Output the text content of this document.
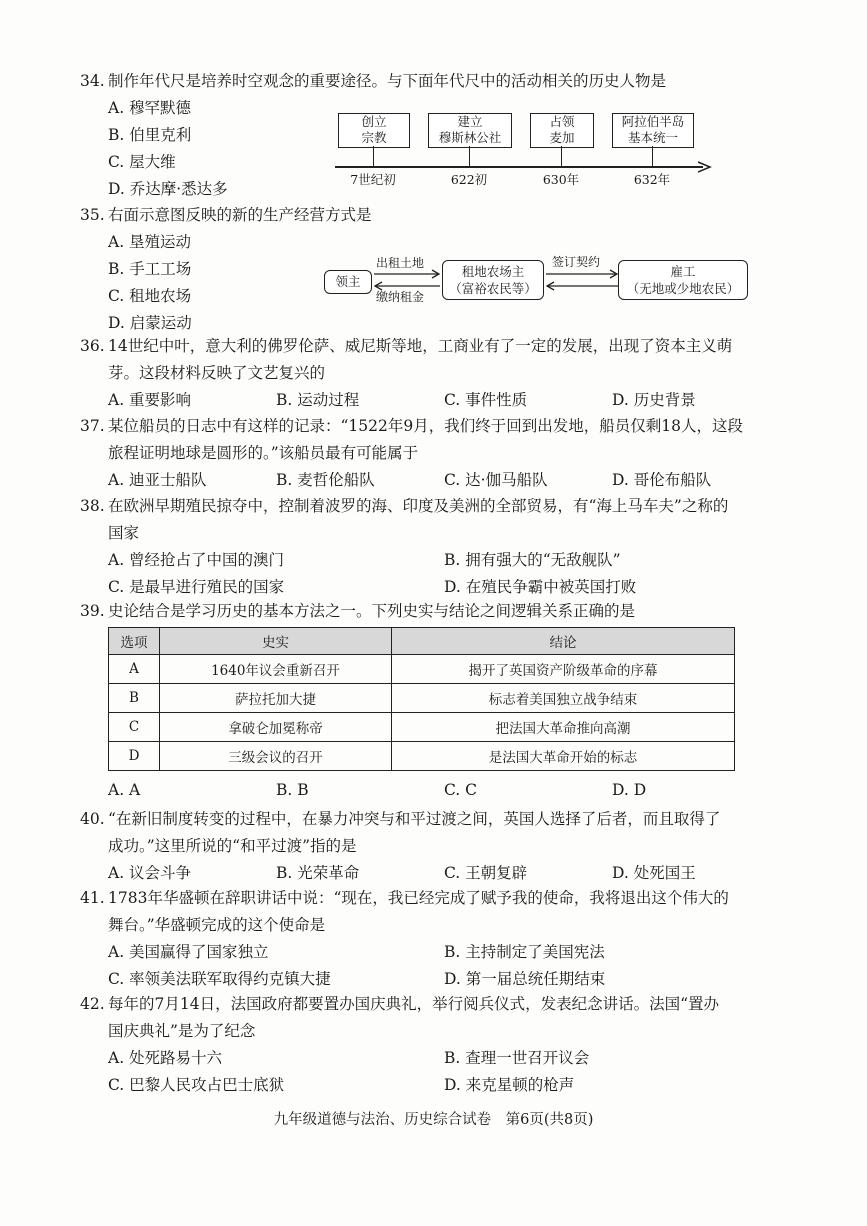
34. 制作年代尺是培养时空观念的重要途径。与下面年代尺中的活动相关的历史人物是
A. 穆罕默德
B. 伯里克利
C. 屋大维
D. 乔达摩·悉达多
创立
宗教
建立
穆斯林公社
占领
麦加
阿拉伯半岛
基本统一
7世纪初	622初	630年	632年
35. 右面示意图反映的新的生产经营方式是
A. 垦殖运动
B. 手工工场
C. 租地农场
D. 启蒙运动
领主
出租土地
缴纳租金
租地农场主
（富裕农民等）
签订契约
雇工
（无地或少地农民）
36. 14世纪中叶，意大利的佛罗伦萨、威尼斯等地，工商业有了一定的发展，出现了资本主义萌
芽。这段材料反映了文艺复兴的
A. 重要影响	B. 运动过程	C. 事件性质	D. 历史背景
37. 某位船员的日志中有这样的记录：“1522年9月，我们终于回到出发地，船员仅剩18人，这段
旅程证明地球是圆形的。”该船员最有可能属于
A. 迪亚士船队	B. 麦哲伦船队	C. 达·伽马船队	D. 哥伦布船队
38. 在欧洲早期殖民掠夺中，控制着波罗的海、印度及美洲的全部贸易，有“海上马车夫”之称的
国家
A. 曾经抢占了中国的澳门	B. 拥有强大的“无敌舰队”
C. 是最早进行殖民的国家	D. 在殖民争霸中被英国打败
39. 史论结合是学习历史的基本方法之一。下列史实与结论之间逻辑关系正确的是
选项	史实	结论
A	1640年议会重新召开	揭开了英国资产阶级革命的序幕
B	萨拉托加大捷	标志着美国独立战争结束
C	拿破仑加冕称帝	把法国大革命推向高潮
D	三级会议的召开	是法国大革命开始的标志
A. A	B. B	C. C	D. D
40. “在新旧制度转变的过程中，在暴力冲突与和平过渡之间，英国人选择了后者，而且取得了
成功。”这里所说的“和平过渡”指的是
A. 议会斗争	B. 光荣革命	C. 王朝复辟	D. 处死国王
41. 1783年华盛顿在辞职讲话中说：“现在，我已经完成了赋予我的使命，我将退出这个伟大的
舞台。”华盛顿完成的这个使命是
A. 美国赢得了国家独立	B. 主持制定了美国宪法
C. 率领美法联军取得约克镇大捷	D. 第一届总统任期结束
42. 每年的7月14日，法国政府都要置办国庆典礼，举行阅兵仪式，发表纪念讲话。法国“置办
国庆典礼”是为了纪念
A. 处死路易十六	B. 查理一世召开议会
C. 巴黎人民攻占巴士底狱	D. 来克星顿的枪声
九年级道德与法治、历史综合试卷　第6页(共8页)
